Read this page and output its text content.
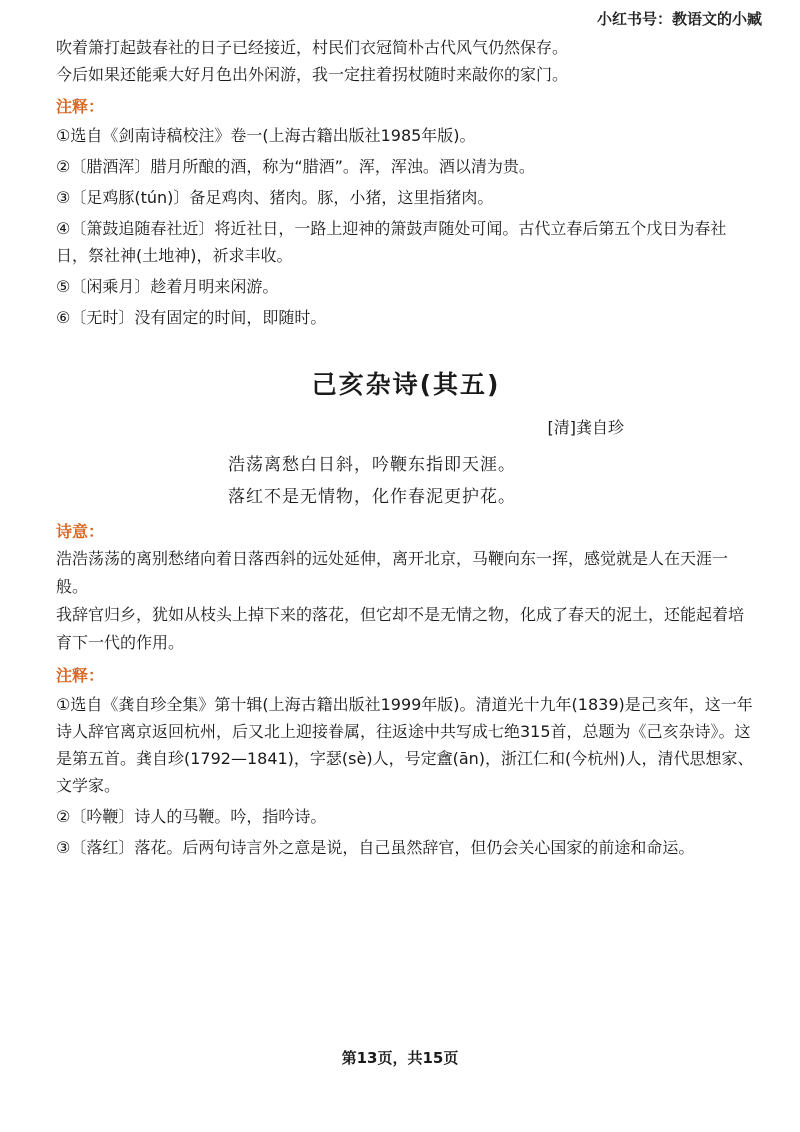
小红书号：教语文的小臧

吹着箫打起鼓春社的日子已经接近，村民们衣冠简朴古代风气仍然保存。

今后如果还能乘大好月色出外闲游，我一定拄着拐杖随时来敲你的家门。

注释：
①选自《剑南诗稿校注》卷一(上海古籍出版社1985年版)。
②〔腊酒浑〕腊月所酿的酒，称为“腊酒”。浑，浑浊。酒以清为贵。
③〔足鸡豚(tún)〕备足鸡肉、猪肉。豚，小猪，这里指猪肉。
④〔箫鼓追随春社近〕将近社日，一路上迎神的箫鼓声随处可闻。古代立春后第五个戊日为春社日，祭社神(土地神)，祈求丰收。
⑤〔闲乘月〕趁着月明来闲游。
⑥〔无时〕没有固定的时间，即随时。
己亥杂诗(其五)
[清]龚自珍
浩荡离愁白日斜，吟鞭东指即天涯。
落红不是无情物，化作春泥更护花。
诗意：

浩浩荡荡的离别愁绪向着日落西斜的远处延伸，离开北京，马鞭向东一挥，感觉就是人在天涯一般。

我辞官归乡，犹如从枝头上掉下来的落花，但它却不是无情之物，化成了春天的泥土，还能起着培育下一代的作用。

注释：
①选自《龚自珍全集》第十辑(上海古籍出版社1999年版)。清道光十九年(1839)是己亥年，这一年诗人辞官离京返回杭州，后又北上迎接眷属，往返途中共写成七绝315首，总题为《己亥杂诗》。这是第五首。龚自珍(1792—1841)，字瑟(sè)人，号定盦(ān)，浙江仁和(今杭州)人，清代思想家、文学家。
②〔吟鞭〕诗人的马鞭。吟，指吟诗。
③〔落红〕落花。后两句诗言外之意是说，自己虽然辞官，但仍会关心国家的前途和命运。
第13页，共15页
